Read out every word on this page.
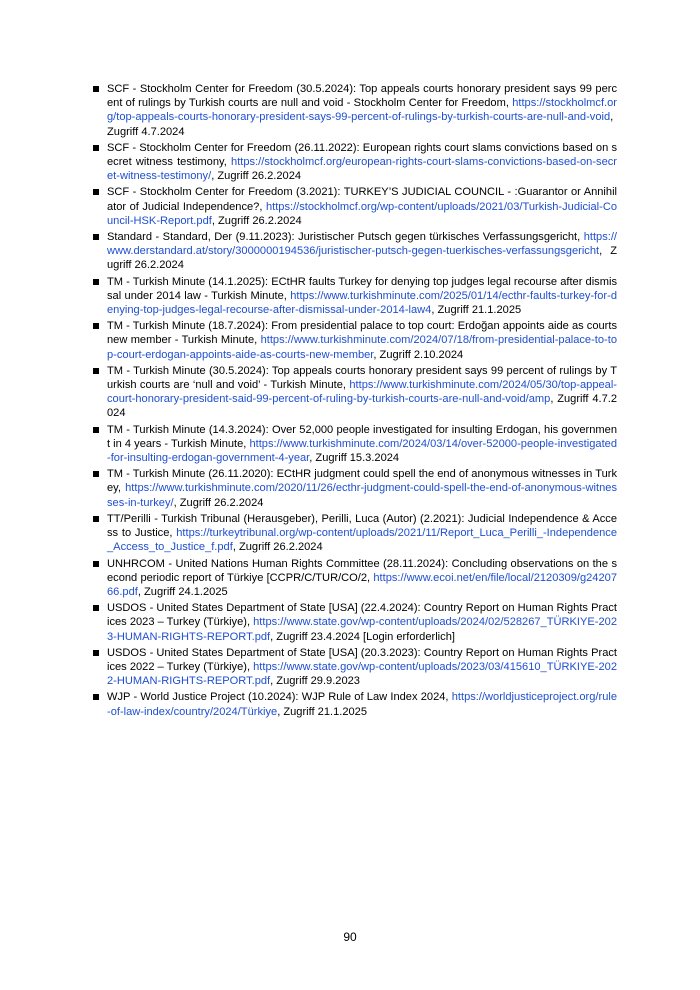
SCF - Stockholm Center for Freedom (30.5.2024): Top appeals courts honorary president says 99 percent of rulings by Turkish courts are null and void - Stockholm Center for Freedom, https://stockholmcf.org/top-appeals-courts-honorary-president-says-99-percent-of-rulings-by-turkish-courts-are-null-and-void, Zugriff 4.7.2024
SCF - Stockholm Center for Freedom (26.11.2022): European rights court slams convictions based on secret witness testimony, https://stockholmcf.org/european-rights-court-slams-convictions-based-on-secret-witness-testimony/, Zugriff 26.2.2024
SCF - Stockholm Center for Freedom (3.2021): TURKEY’S JUDICIAL COUNCIL - :Guarantor or Annihilator of Judicial Independence?, https://stockholmcf.org/wp-content/uploads/2021/03/Turkish-Judicial-Council-HSK-Report.pdf, Zugriff 26.2.2024
Standard - Standard, Der (9.11.2023): Juristischer Putsch gegen türkisches Verfassungsgericht, https://www.derstandard.at/story/3000000194536/juristischer-putsch-gegen-tuerkisches-verfassungsgericht, Zugriff 26.2.2024
TM - Turkish Minute (14.1.2025): ECtHR faults Turkey for denying top judges legal recourse after dismissal under 2014 law - Turkish Minute, https://www.turkishminute.com/2025/01/14/ecthr-faults-turkey-for-denying-top-judges-legal-recourse-after-dismissal-under-2014-law4, Zugriff 21.1.2025
TM - Turkish Minute (18.7.2024): From presidential palace to top court: Erdoğan appoints aide as courts new member - Turkish Minute, https://www.turkishminute.com/2024/07/18/from-presidential-palace-to-top-court-erdogan-appoints-aide-as-courts-new-member, Zugriff 2.10.2024
TM - Turkish Minute (30.5.2024): Top appeals courts honorary president says 99 percent of rulings by Turkish courts are ‘null and void’ - Turkish Minute, https://www.turkishminute.com/2024/05/30/top-appeal-court-honorary-president-said-99-percent-of-ruling-by-turkish-courts-are-null-and-void/amp, Zugriff 4.7.2024
TM - Turkish Minute (14.3.2024): Over 52,000 people investigated for insulting Erdogan, his government in 4 years - Turkish Minute, https://www.turkishminute.com/2024/03/14/over-52000-people-investigated-for-insulting-erdogan-government-4-year, Zugriff 15.3.2024
TM - Turkish Minute (26.11.2020): ECtHR judgment could spell the end of anonymous witnesses in Turkey, https://www.turkishminute.com/2020/11/26/ecthr-judgment-could-spell-the-end-of-anonymous-witnesses-in-turkey/, Zugriff 26.2.2024
TT/Perilli - Turkish Tribunal (Herausgeber), Perilli, Luca (Autor) (2.2021): Judicial Independence & Access to Justice, https://turkeytribunal.org/wp-content/uploads/2021/11/Report_Luca_Perilli_-Independence_Access_to_Justice_f.pdf, Zugriff 26.2.2024
UNHRCOM - United Nations Human Rights Committee (28.11.2024): Concluding observations on the second periodic report of Türkiye [CCPR/C/TUR/CO/2, https://www.ecoi.net/en/file/local/2120309/g2420766.pdf, Zugriff 24.1.2025
USDOS - United States Department of State [USA] (22.4.2024): Country Report on Human Rights Practices 2023 – Turkey (Türkiye), https://www.state.gov/wp-content/uploads/2024/02/528267_TÜRKIYE-2023-HUMAN-RIGHTS-REPORT.pdf, Zugriff 23.4.2024 [Login erforderlich]
USDOS - United States Department of State [USA] (20.3.2023): Country Report on Human Rights Practices 2022 – Turkey (Türkiye), https://www.state.gov/wp-content/uploads/2023/03/415610_TÜRKIYE-2022-HUMAN-RIGHTS-REPORT.pdf, Zugriff 29.9.2023
WJP - World Justice Project (10.2024): WJP Rule of Law Index 2024, https://worldjusticeproject.org/rule-of-law-index/country/2024/Türkiye, Zugriff 21.1.2025
90
